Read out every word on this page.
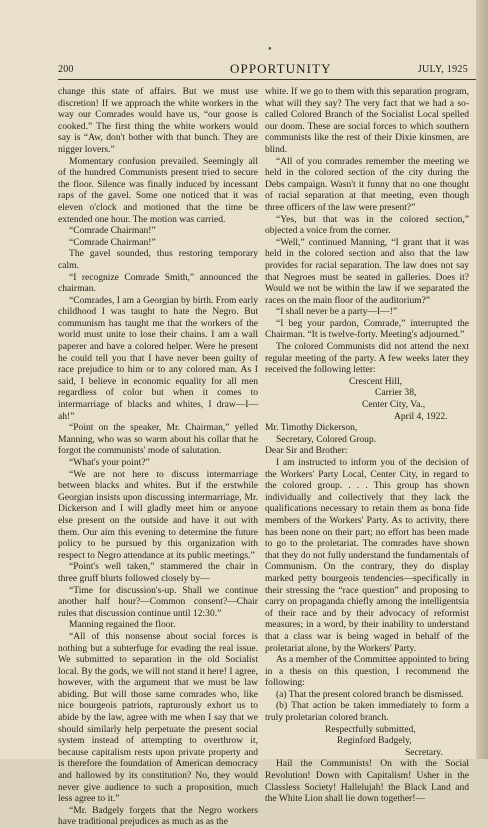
●
200	OPPORTUNITY	JULY, 1925

change this state of affairs. But we must use discretion! If we approach the white workers in the way our Comrades would have us, “our goose is cooked.” The first thing the white workers would say is “Aw, don't bother with that bunch. They are nigger lovers.”

Momentary confusion prevailed. Seemingly all of the hundred Communists present tried to secure the floor. Silence was finally induced by incessant raps of the gavel. Some one noticed that it was eleven o'clock and motioned that the time be extended one hour. The motion was carried.

“Comrade Chairman!”

“Comrade Chairman!”

The gavel sounded, thus restoring temporary calm.

“I recognize Comrade Smith,” announced the chairman.

“Comrades, I am a Georgian by birth. From early childhood I was taught to hate the Negro. But communism has taught me that the workers of the world must unite to lose their chains. I am a wall paperer and have a colored helper. Were he present he could tell you that I have never been guilty of race prejudice to him or to any colored man. As I said, I believe in economic equality for all men regardless of color but when it comes to intermarriage of blacks and whites, I draw—I—ah!”

“Point on the speaker, Mr. Chairman,” yelled Manning, who was so warm about his collar that he forgot the communists' mode of salutation.

“What's your point?”

“We are not here to discuss intermarriage between blacks and whites. But if the erstwhile Georgian insists upon discussing intermarriage, Mr. Dickerson and I will gladly meet him or anyone else present on the outside and have it out with them. Our aim this evening to determine the future policy to be pursued by this organization with respect to Negro attendance at its public meetings.”

“Point's well taken,” stammered the chair in three gruff blurts followed closely by—

“Time for discussion's-up. Shall we continue another half hour?—Common consent?—Chair rules that discussion continue until 12:30.”

Manning regained the floor.

“All of this nonsense about social forces is nothing but a subterfuge for evading the real issue. We submitted to separation in the old Socialist local. By the gods, we will not stand it here! I agree, however, with the argument that we must be law abiding. But will those same comrades who, like nice bourgeois patriots, rapturously exhort us to abide by the law, agree with me when I say that we should similarly help perpetuate the present social system instead of attempting to overthrow it, because capitalism rests upon private property and is therefore the foundation of American democracy and hallowed by its constitution? No, they would never give audience to such a proposition, much less agree to it.”

“Mr. Badgely forgets that the Negro workers have traditional prejudices as much as as the

white. If we go to them with this separation program, what will they say? The very fact that we had a so-called Colored Branch of the Socialist Local spelled our doom. These are social forces to which southern communists like the rest of their Dixie kinsmen, are blind.

“All of you comrades remember the meeting we held in the colored section of the city during the Debs campaign. Wasn't it funny that no one thought of racial separation at that meeting, even though three officers of the law were present?”

“Yes, but that was in the colored section,” objected a voice from the corner.

“Well,” continued Manning, “I grant that it was held in the colored section and also that the law provides for racial separation. The law does not say that Negroes must be seated in galleries. Does it? Would we not be within the law if we separated the races on the main floor of the auditorium?”

“I shall never be a party—I—!”

“I beg your pardon, Comrade,” interrupted the Chairman. “It is twelve-forty. Meeting's adjourned.”

The colored Communists did not attend the next regular meeting of the party. A few weeks later they received the following letter:

Crescent Hill,
Carrier 38,
Center City, Va.,
April 4, 1922.
Mr. Timothy Dickerson,
Secretary, Colored Group.
Dear Sir and Brother:

I am instructed to inform you of the decision of the Workers' Party Local, Center City, in regard to the colored group. . . . This group has shown individually and collectively that they lack the qualifications necessary to retain them as bona fide members of the Workers' Party. As to activity, there has been none on their part; no effort has been made to go to the proletariat. The comrades have shown that they do not fully understand the fundamentals of Communism. On the contrary, they do display marked petty bourgeois tendencies—specifically in their stressing the “race question” and proposing to carry on propaganda chiefly among the intelligentsia of their race and by their advocacy of reformist measures; in a word, by their inability to understand that a class war is being waged in behalf of the proletariat alone, by the Workers' Party.

As a member of the Committee appointed to bring in a thesis on this question, I recommend the following:

(a) That the present colored branch be dismissed.

(b) That action be taken immediately to form a truly proletarian colored branch.

Respectfully submitted,
Reginford Badgely,
Secretary.

Hail the Communists! On with the Social Revolution! Down with Capitalism! Usher in the Classless Society! Hallelujah! the Black Land and the White Lion shall lie down together!—
